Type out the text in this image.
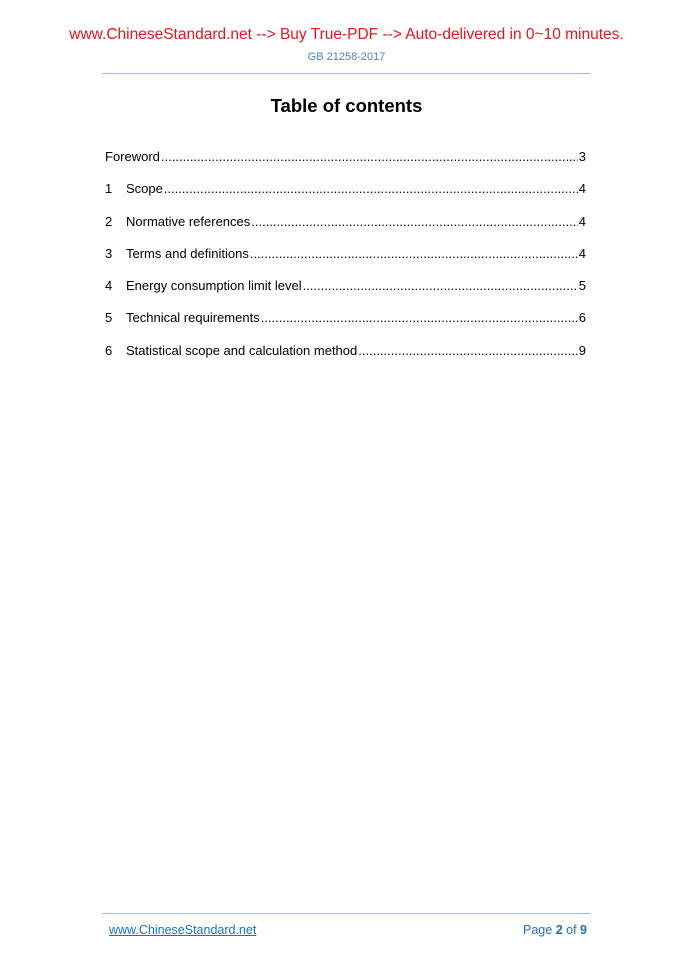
www.ChineseStandard.net --> Buy True-PDF --> Auto-delivered in 0~10 minutes.
GB 21258-2017
Table of contents
Foreword .....	3
1	Scope .....	4
2	Normative references .....	4
3	Terms and definitions .....	4
4	Energy consumption limit level .....	5
5	Technical requirements .....	6
6	Statistical scope and calculation method .....	9
www.ChineseStandard.net	Page 2 of 9
